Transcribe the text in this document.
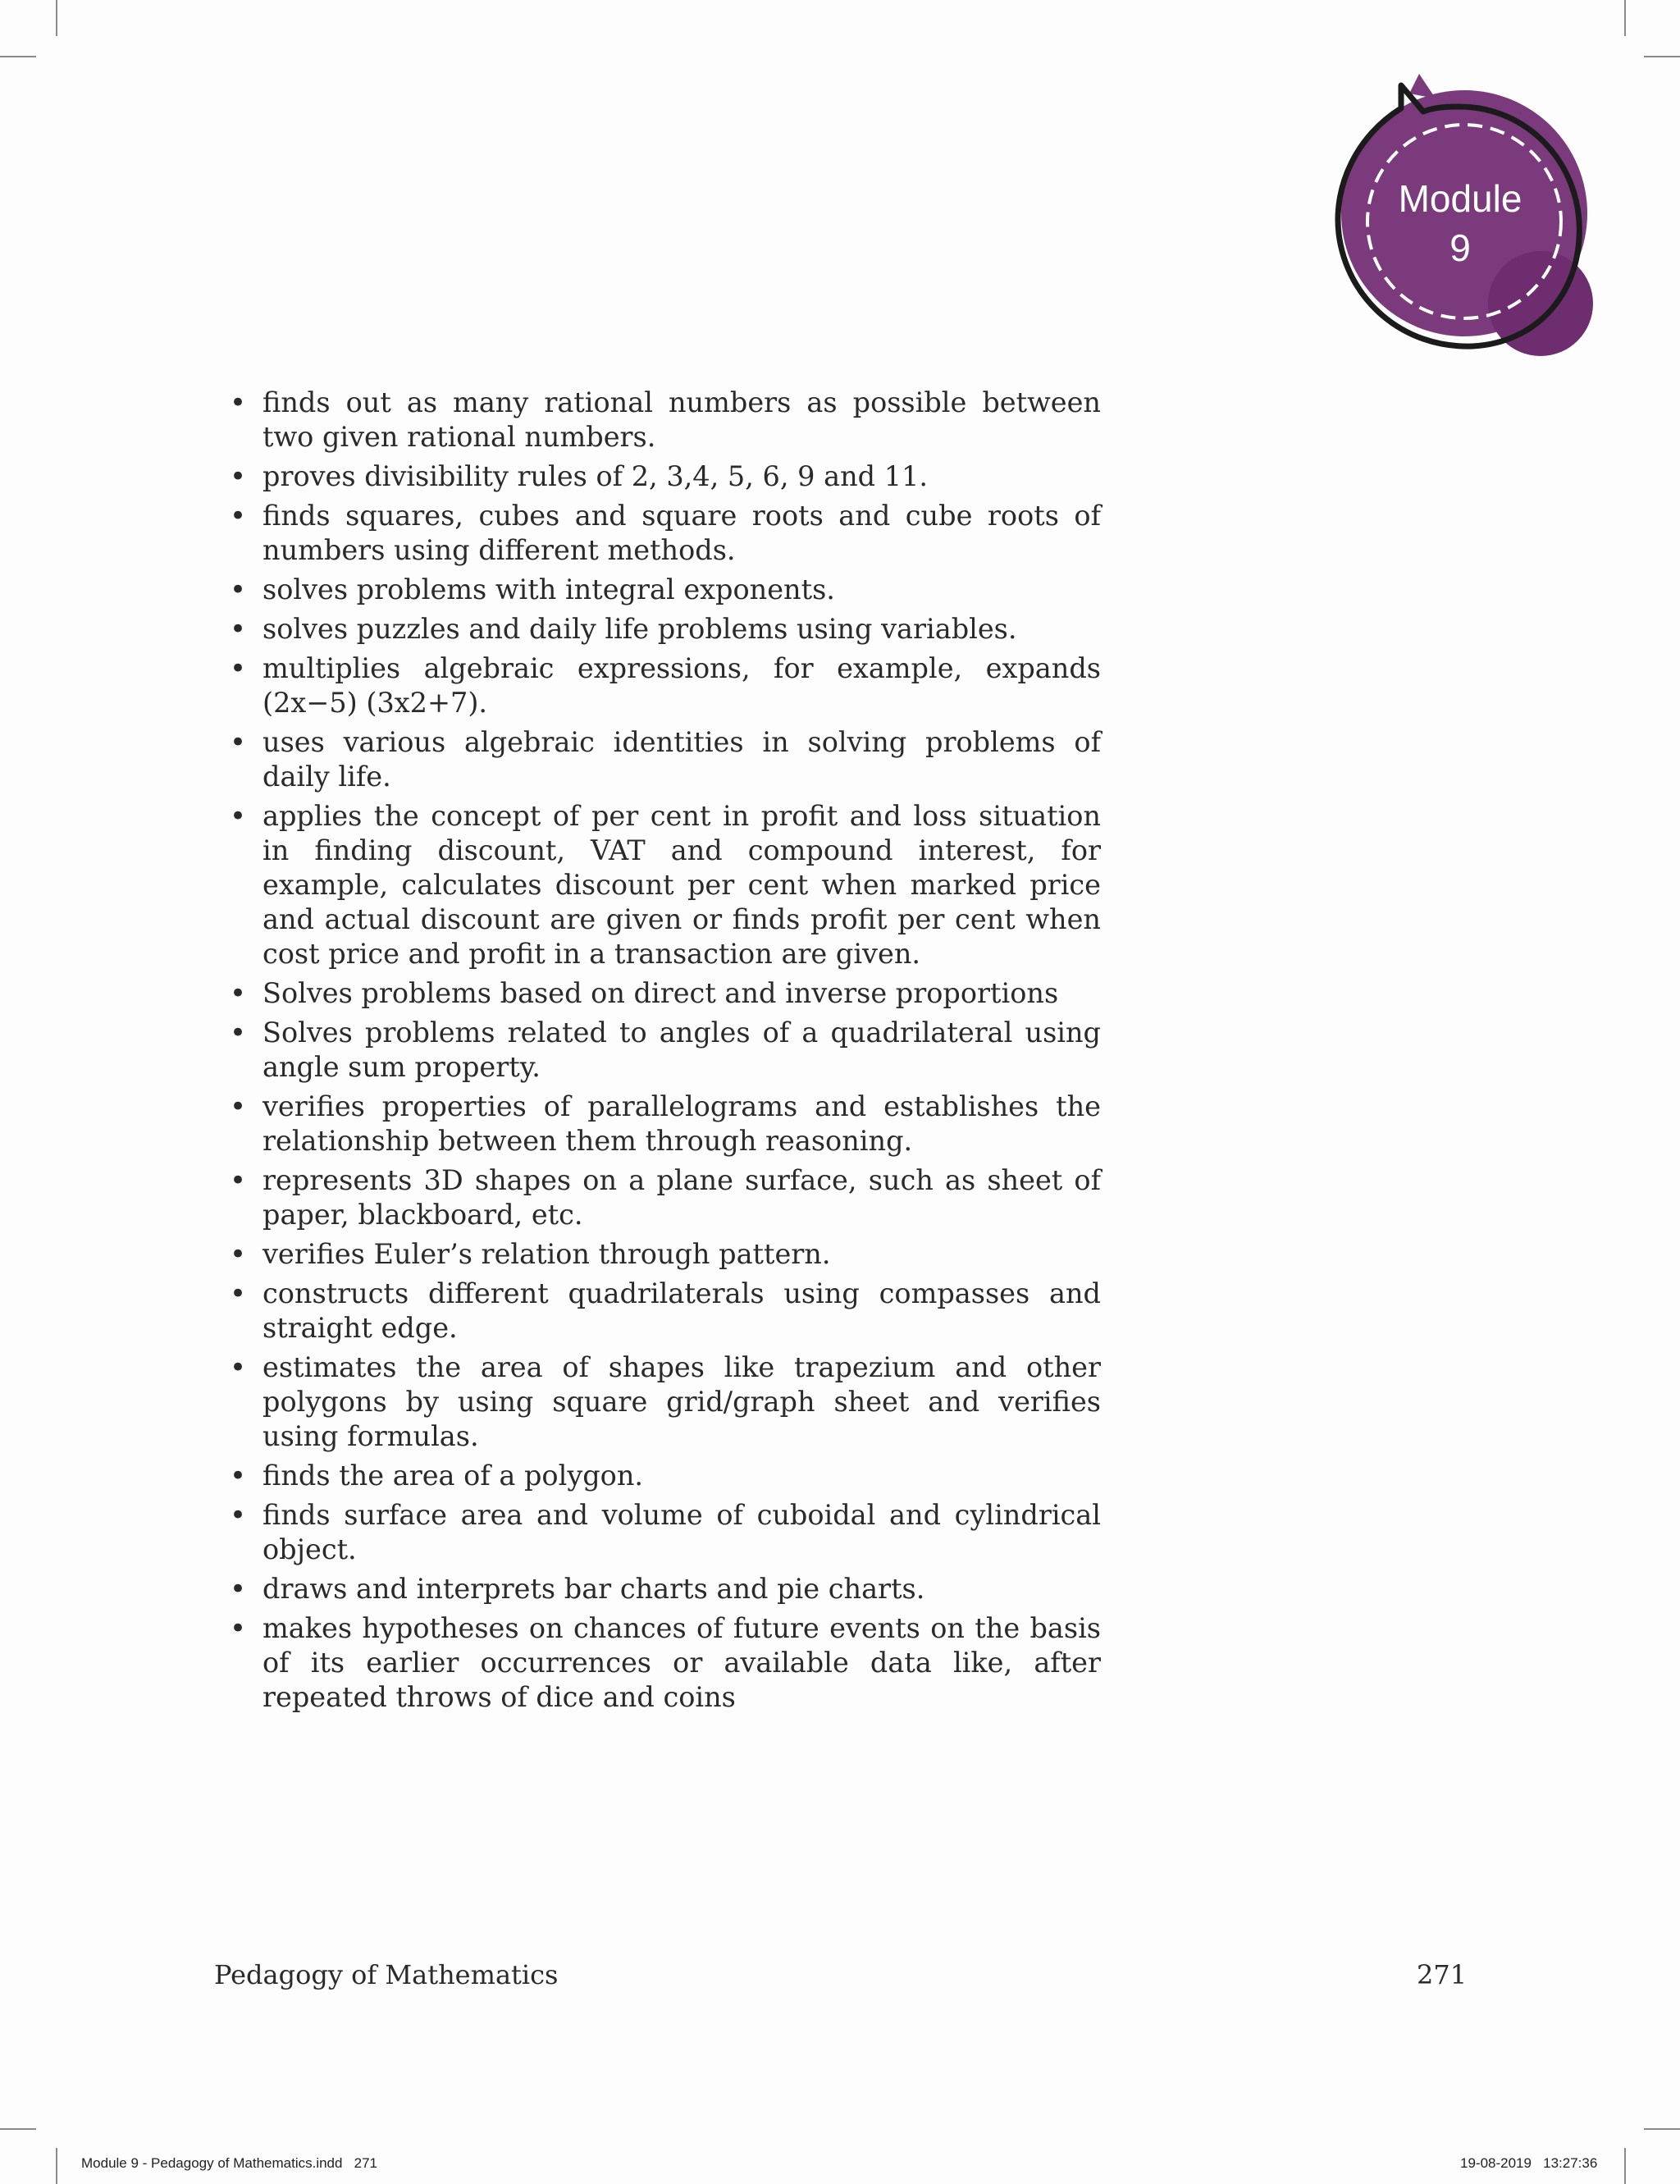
Module
9
• finds out as many rational numbers as possible between two given rational numbers.
• proves divisibility rules of 2, 3,4, 5, 6, 9 and 11.
• finds squares, cubes and square roots and cube roots of numbers using different methods.
• solves problems with integral exponents.
• solves puzzles and daily life problems using variables.
• multiplies algebraic expressions, for example, expands (2x−5) (3x2+7).
• uses various algebraic identities in solving problems of daily life.
• applies the concept of per cent in profit and loss situation in finding discount, VAT and compound interest, for example, calculates discount per cent when marked price and actual discount are given or finds profit per cent when cost price and profit in a transaction are given.
• Solves problems based on direct and inverse proportions
• Solves problems related to angles of a quadrilateral using angle sum property.
• verifies properties of parallelograms and establishes the relationship between them through reasoning.
• represents 3D shapes on a plane surface, such as sheet of paper, blackboard, etc.
• verifies Euler’s relation through pattern.
• constructs different quadrilaterals using compasses and straight edge.
• estimates the area of shapes like trapezium and other polygons by using square grid/graph sheet and verifies using formulas.
• finds the area of a polygon.
• finds surface area and volume of cuboidal and cylindrical object.
• draws and interprets bar charts and pie charts.
• makes hypotheses on chances of future events on the basis of its earlier occurrences or available data like, after repeated throws of dice and coins
Pedagogy of Mathematics	271
Module 9 - Pedagogy of Mathematics.indd   271	19-08-2019   13:27:36
